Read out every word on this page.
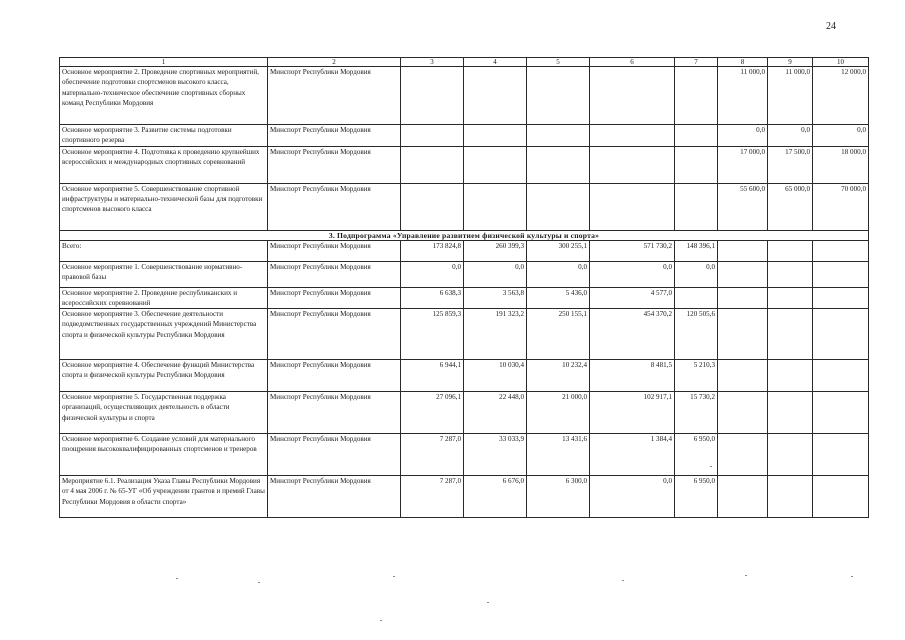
24
1	2	3	4	5	6	7	8	9	10
Основное мероприятие 2. Проведение спортивных мероприятий, обеспечение подготовки спортсменов высокого класса, материально-техническое обеспечение спортивных сборных команд Республики Мордовия	Минспорт Республики Мордовия						11 000,0	11 000,0	12 000,0
Основное мероприятие 3. Развитие системы подготовки спортивного резерва	Минспорт Республики Мордовия						0,0	0,0	0,0
Основное мероприятие 4. Подготовка к проведению крупнейших всероссийских и международных спортивных соревнований	Минспорт Республики Мордовия						17 000,0	17 500,0	18 000,0
Основное мероприятие 5. Совершенствование спортивной инфраструктуры и материально-технической базы для подготовки спортсменов высокого класса	Минспорт Республики Мордовия						55 600,0	65 000,0	70 000,0
3. Подпрограмма «Управление развитием физической культуры и спорта»									
Всего:	Минспорт Республики Мордовия	173 824,8	260 399,3	300 255,1	571 730,2	148 396,1			
Основное мероприятие 1. Совершенствование нормативно-правовой базы	Минспорт Республики Мордовия	0,0	0,0	0,0	0,0	0,0			
Основное мероприятие 2. Проведение республиканских и всероссийских соревнований	Минспорт Республики Мордовия	6 638,3	3 563,8	5 436,0	4 577,0				
Основное мероприятие 3. Обеспечение деятельности подведомственных государственных учреждений Министерства спорта и физической культуры Республики Мордовия	Минспорт Республики Мордовия	125 859,3	191 323,2	250 155,1	454 370,2	120 505,6			
Основное мероприятие 4. Обеспечение функций Министерства спорта и физической культуры Республики Мордовия	Минспорт Республики Мордовия	6 944,1	10 030,4	10 232,4	8 481,5	5 210,3			
Основное мероприятие 5. Государственная поддержка организаций, осуществляющих деятельность в области физической культуры и спорта	Минспорт Республики Мордовия	27 096,1	22 448,0	21 000,0	102 917,1	15 730,2			
Основное мероприятие 6. Создание условий для материального поощрения высококвалифицированных спортсменов и тренеров	Минспорт Республики Мордовия	7 287,0	33 033,9	13 431,6	1 384,4	6 950,0			
Мероприятие 6.1. Реализация Указа Главы Республики Мордовия от 4 мая 2006 г. № 65-УГ «Об учреждении грантов и премий Главы Республики Мордовия в области спорта»	Минспорт Республики Мордовия	7 287,0	6 676,0	6 300,0	0,0	6 950,0			
